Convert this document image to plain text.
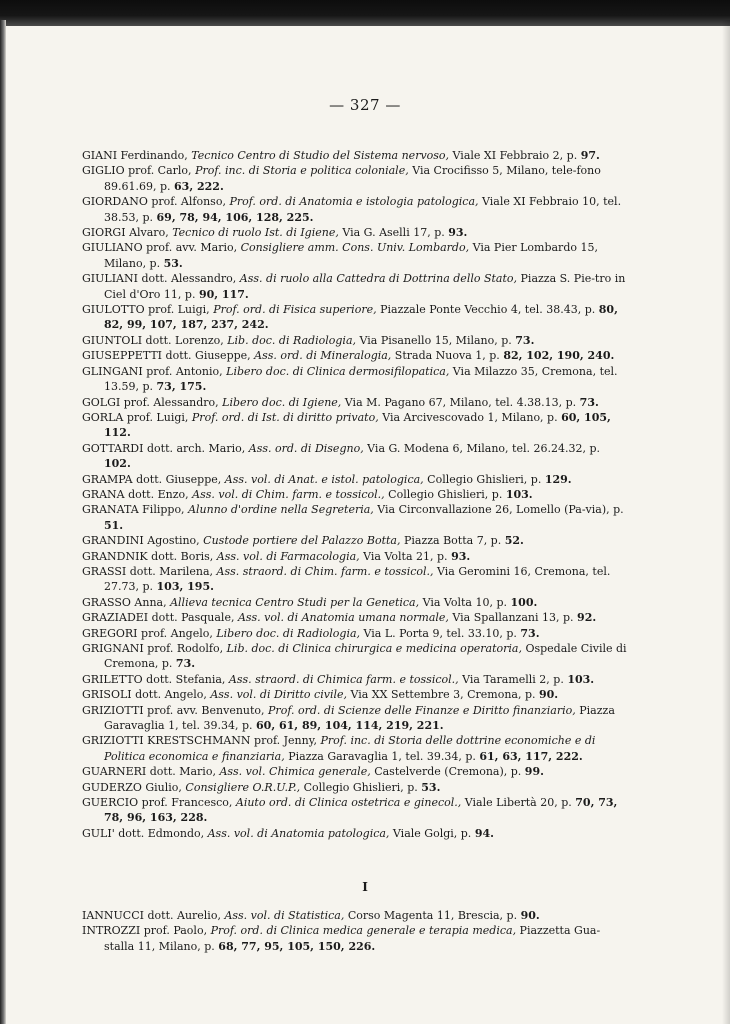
— 327 —

GIANI Ferdinando, Tecnico Centro di Studio del Sistema nervoso, Viale XI Febbraio 2, p. 97.

GIGLIO prof. Carlo, Prof. inc. di Storia e politica coloniale, Via Crocifisso 5, Milano, tele-fono 89.61.69, p. 63, 222.

GIORDANO prof. Alfonso, Prof. ord. di Anatomia e istologia patologica, Viale XI Febbraio 10, tel. 38.53, p. 69, 78, 94, 106, 128, 225.

GIORGI Alvaro, Tecnico di ruolo Ist. di Igiene, Via G. Aselli 17, p. 93.

GIULIANO prof. avv. Mario, Consigliere amm. Cons. Univ. Lombardo, Via Pier Lombardo 15, Milano, p. 53.

GIULIANI dott. Alessandro, Ass. di ruolo alla Cattedra di Dottrina dello Stato, Piazza S. Pie-tro in Ciel d'Oro 11, p. 90, 117.

GIULOTTO prof. Luigi, Prof. ord. di Fisica superiore, Piazzale Ponte Vecchio 4, tel. 38.43, p. 80, 82, 99, 107, 187, 237, 242.

GIUNTOLI dott. Lorenzo, Lib. doc. di Radiologia, Via Pisanello 15, Milano, p. 73.

GIUSEPPETTI dott. Giuseppe, Ass. ord. di Mineralogia, Strada Nuova 1, p. 82, 102, 190, 240.

GLINGANI prof. Antonio, Libero doc. di Clinica dermosifilopatica, Via Milazzo 35, Cremona, tel. 13.59, p. 73, 175.

GOLGI prof. Alessandro, Libero doc. di Igiene, Via M. Pagano 67, Milano, tel. 4.38.13, p. 73.

GORLA prof. Luigi, Prof. ord. di Ist. di diritto privato, Via Arcivescovado 1, Milano, p. 60, 105, 112.

GOTTARDI dott. arch. Mario, Ass. ord. di Disegno, Via G. Modena 6, Milano, tel. 26.24.32, p. 102.

GRAMPA dott. Giuseppe, Ass. vol. di Anat. e istol. patologica, Collegio Ghislieri, p. 129.

GRANA dott. Enzo, Ass. vol. di Chim. farm. e tossicol., Collegio Ghislieri, p. 103.

GRANATA Filippo, Alunno d'ordine nella Segreteria, Via Circonvallazione 26, Lomello (Pa-via), p. 51.

GRANDINI Agostino, Custode portiere del Palazzo Botta, Piazza Botta 7, p. 52.

GRANDNIK dott. Boris, Ass. vol. di Farmacologia, Via Volta 21, p. 93.

GRASSI dott. Marilena, Ass. straord. di Chim. farm. e tossicol., Via Geromini 16, Cremona, tel. 27.73, p. 103, 195.

GRASSO Anna, Allieva tecnica Centro Studi per la Genetica, Via Volta 10, p. 100.

GRAZIADEI dott. Pasquale, Ass. vol. di Anatomia umana normale, Via Spallanzani 13, p. 92.

GREGORI prof. Angelo, Libero doc. di Radiologia, Via L. Porta 9, tel. 33.10, p. 73.

GRIGNANI prof. Rodolfo, Lib. doc. di Clinica chirurgica e medicina operatoria, Ospedale Civile di Cremona, p. 73.

GRILETTO dott. Stefania, Ass. straord. di Chimica farm. e tossicol., Via Taramelli 2, p. 103.

GRISOLI dott. Angelo, Ass. vol. di Diritto civile, Via XX Settembre 3, Cremona, p. 90.

GRIZIOTTI prof. avv. Benvenuto, Prof. ord. di Scienze delle Finanze e Diritto finanziario, Piazza Garavaglia 1, tel. 39.34, p. 60, 61, 89, 104, 114, 219, 221.

GRIZIOTTI KRESTSCHMANN prof. Jenny, Prof. inc. di Storia delle dottrine economiche e di Politica economica e finanziaria, Piazza Garavaglia 1, tel. 39.34, p. 61, 63, 117, 222.

GUARNERI dott. Mario, Ass. vol. Chimica generale, Castelverde (Cremona), p. 99.

GUDERZO Giulio, Consigliere O.R.U.P., Collegio Ghislieri, p. 53.

GUERCIO prof. Francesco, Aiuto ord. di Clinica ostetrica e ginecol., Viale Libertà 20, p. 70, 73, 78, 96, 163, 228.

GULI' dott. Edmondo, Ass. vol. di Anatomia patologica, Viale Golgi, p. 94.

I

IANNUCCI dott. Aurelio, Ass. vol. di Statistica, Corso Magenta 11, Brescia, p. 90.

INTROZZI prof. Paolo, Prof. ord. di Clinica medica generale e terapia medica, Piazzetta Gua-stalla 11, Milano, p. 68, 77, 95, 105, 150, 226.
